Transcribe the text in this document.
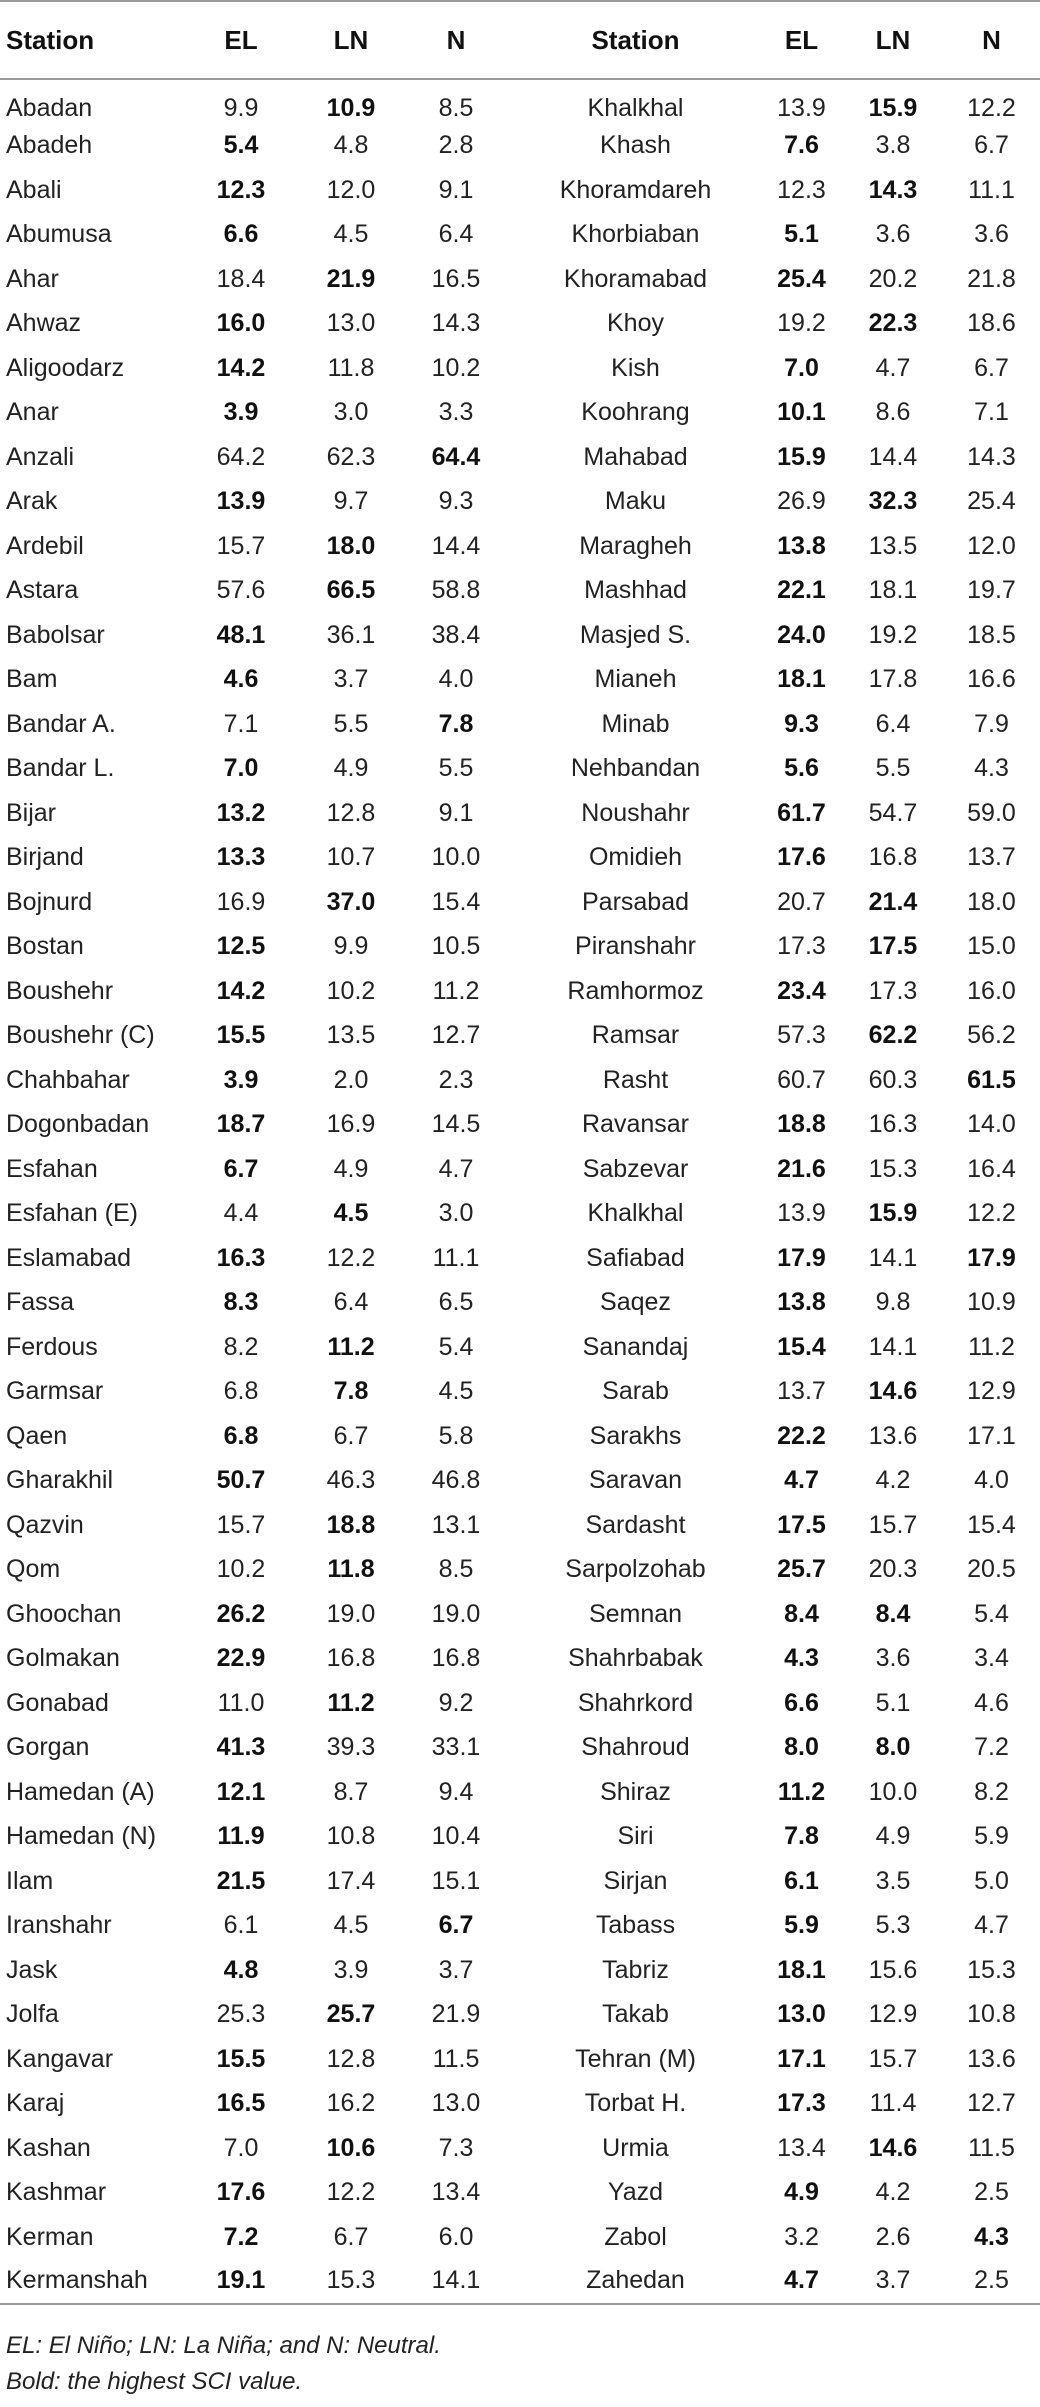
Station	EL	LN	N	Station	EL	LN	N
Abadan	9.9	10.9	8.5	Khalkhal	13.9	15.9	12.2
Abadeh	5.4	4.8	2.8	Khash	7.6	3.8	6.7
Abali	12.3	12.0	9.1	Khoramdareh	12.3	14.3	11.1
Abumusa	6.6	4.5	6.4	Khorbiaban	5.1	3.6	3.6
Ahar	18.4	21.9	16.5	Khoramabad	25.4	20.2	21.8
Ahwaz	16.0	13.0	14.3	Khoy	19.2	22.3	18.6
Aligoodarz	14.2	11.8	10.2	Kish	7.0	4.7	6.7
Anar	3.9	3.0	3.3	Koohrang	10.1	8.6	7.1
Anzali	64.2	62.3	64.4	Mahabad	15.9	14.4	14.3
Arak	13.9	9.7	9.3	Maku	26.9	32.3	25.4
Ardebil	15.7	18.0	14.4	Maragheh	13.8	13.5	12.0
Astara	57.6	66.5	58.8	Mashhad	22.1	18.1	19.7
Babolsar	48.1	36.1	38.4	Masjed S.	24.0	19.2	18.5
Bam	4.6	3.7	4.0	Mianeh	18.1	17.8	16.6
Bandar A.	7.1	5.5	7.8	Minab	9.3	6.4	7.9
Bandar L.	7.0	4.9	5.5	Nehbandan	5.6	5.5	4.3
Bijar	13.2	12.8	9.1	Noushahr	61.7	54.7	59.0
Birjand	13.3	10.7	10.0	Omidieh	17.6	16.8	13.7
Bojnurd	16.9	37.0	15.4	Parsabad	20.7	21.4	18.0
Bostan	12.5	9.9	10.5	Piranshahr	17.3	17.5	15.0
Boushehr	14.2	10.2	11.2	Ramhormoz	23.4	17.3	16.0
Boushehr (C)	15.5	13.5	12.7	Ramsar	57.3	62.2	56.2
Chahbahar	3.9	2.0	2.3	Rasht	60.7	60.3	61.5
Dogonbadan	18.7	16.9	14.5	Ravansar	18.8	16.3	14.0
Esfahan	6.7	4.9	4.7	Sabzevar	21.6	15.3	16.4
Esfahan (E)	4.4	4.5	3.0	Khalkhal	13.9	15.9	12.2
Eslamabad	16.3	12.2	11.1	Safiabad	17.9	14.1	17.9
Fassa	8.3	6.4	6.5	Saqez	13.8	9.8	10.9
Ferdous	8.2	11.2	5.4	Sanandaj	15.4	14.1	11.2
Garmsar	6.8	7.8	4.5	Sarab	13.7	14.6	12.9
Qaen	6.8	6.7	5.8	Sarakhs	22.2	13.6	17.1
Gharakhil	50.7	46.3	46.8	Saravan	4.7	4.2	4.0
Qazvin	15.7	18.8	13.1	Sardasht	17.5	15.7	15.4
Qom	10.2	11.8	8.5	Sarpolzohab	25.7	20.3	20.5
Ghoochan	26.2	19.0	19.0	Semnan	8.4	8.4	5.4
Golmakan	22.9	16.8	16.8	Shahrbabak	4.3	3.6	3.4
Gonabad	11.0	11.2	9.2	Shahrkord	6.6	5.1	4.6
Gorgan	41.3	39.3	33.1	Shahroud	8.0	8.0	7.2
Hamedan (A)	12.1	8.7	9.4	Shiraz	11.2	10.0	8.2
Hamedan (N)	11.9	10.8	10.4	Siri	7.8	4.9	5.9
Ilam	21.5	17.4	15.1	Sirjan	6.1	3.5	5.0
Iranshahr	6.1	4.5	6.7	Tabass	5.9	5.3	4.7
Jask	4.8	3.9	3.7	Tabriz	18.1	15.6	15.3
Jolfa	25.3	25.7	21.9	Takab	13.0	12.9	10.8
Kangavar	15.5	12.8	11.5	Tehran (M)	17.1	15.7	13.6
Karaj	16.5	16.2	13.0	Torbat H.	17.3	11.4	12.7
Kashan	7.0	10.6	7.3	Urmia	13.4	14.6	11.5
Kashmar	17.6	12.2	13.4	Yazd	4.9	4.2	2.5
Kerman	7.2	6.7	6.0	Zabol	3.2	2.6	4.3
Kermanshah	19.1	15.3	14.1	Zahedan	4.7	3.7	2.5
EL: El Niño; LN: La Niña; and N: Neutral.
Bold: the highest SCI value.
